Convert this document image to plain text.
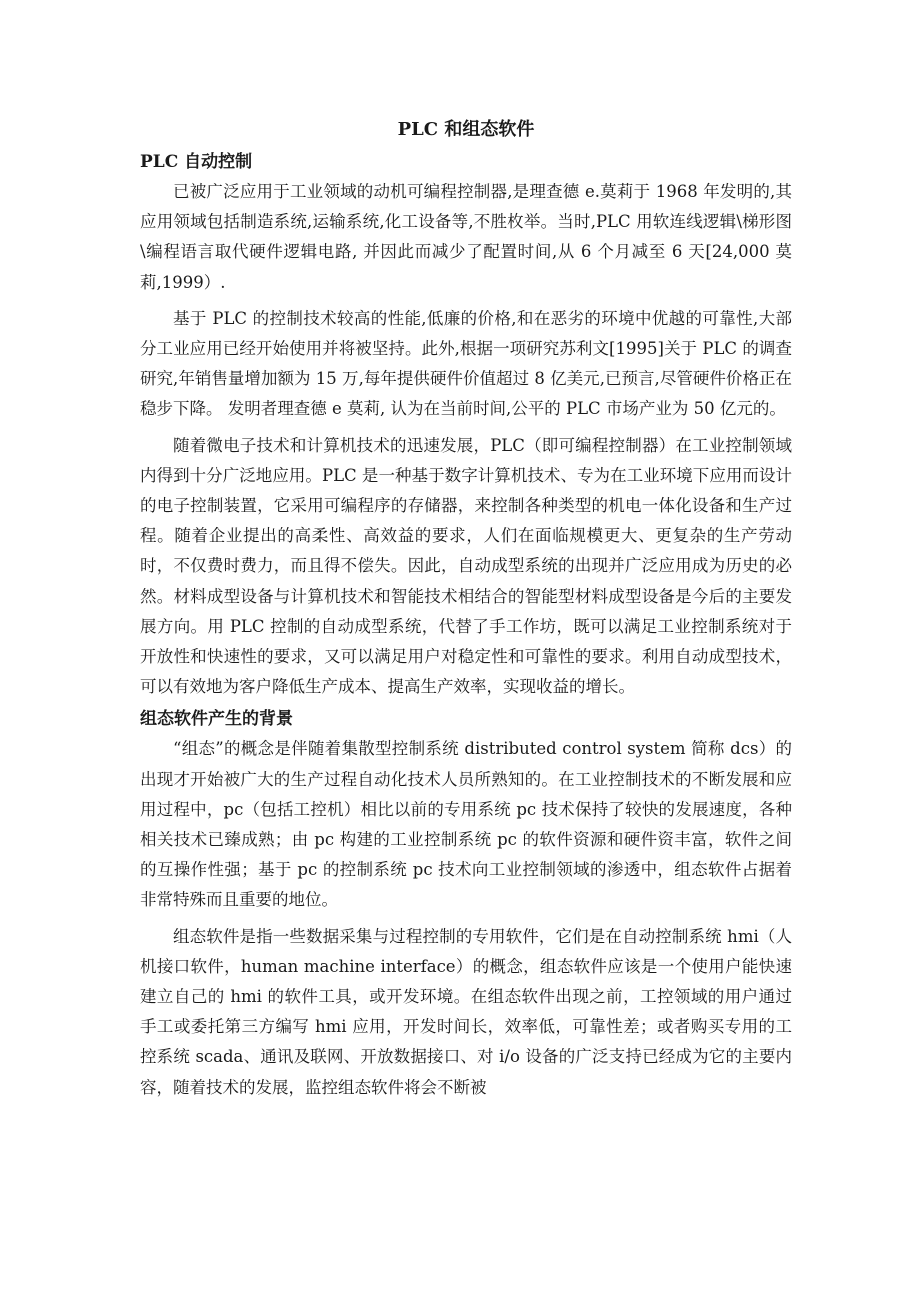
PLC 和组态软件
PLC 自动控制

已被广泛应用于工业领域的动机可编程控制器,是理查德 e.莫莉于 1968 年发明的,其应用领域包括制造系统,运输系统,化工设备等,不胜枚举。当时,PLC 用软连线逻辑\梯形图 \编程语言取代硬件逻辑电路, 并因此而减少了配置时间,从 6 个月减至 6 天[24,000 莫莉,1999）.

基于 PLC 的控制技术较高的性能,低廉的价格,和在恶劣的环境中优越的可靠性,大部分工业应用已经开始使用并将被坚持。此外,根据一项研究苏利文[1995]关于 PLC 的调查研究,年销售量增加额为 15 万,每年提供硬件价值超过 8 亿美元,已预言,尽管硬件价格正在稳步下降。 发明者理查德 e 莫莉, 认为在当前时间,公平的 PLC 市场产业为 50 亿元的。

随着微电子技术和计算机技术的迅速发展，PLC（即可编程控制器）在工业控制领域内得到十分广泛地应用。PLC 是一种基于数字计算机技术、专为在工业环境下应用而设计的电子控制装置，它采用可编程序的存储器，来控制各种类型的机电一体化设备和生产过程。随着企业提出的高柔性、高效益的要求，人们在面临规模更大、更复杂的生产劳动时，不仅费时费力，而且得不偿失。因此，自动成型系统的出现并广泛应用成为历史的必然。材料成型设备与计算机技术和智能技术相结合的智能型材料成型设备是今后的主要发展方向。用 PLC 控制的自动成型系统，代替了手工作坊，既可以满足工业控制系统对于开放性和快速性的要求，又可以满足用户对稳定性和可靠性的要求。利用自动成型技术，可以有效地为客户降低生产成本、提高生产效率，实现收益的增长。

组态软件产生的背景

“组态”的概念是伴随着集散型控制系统 distributed control system 简称 dcs）的出现才开始被广大的生产过程自动化技术人员所熟知的。在工业控制技术的不断发展和应用过程中，pc（包括工控机）相比以前的专用系统 pc 技术保持了较快的发展速度，各种相关技术已臻成熟；由 pc 构建的工业控制系统 pc 的软件资源和硬件资丰富，软件之间的互操作性强；基于 pc 的控制系统 pc 技术向工业控制领域的渗透中，组态软件占据着非常特殊而且重要的地位。

组态软件是指一些数据采集与过程控制的专用软件，它们是在自动控制系统 hmi（人机接口软件，human machine interface）的概念，组态软件应该是一个使用户能快速建立自己的 hmi 的软件工具，或开发环境。在组态软件出现之前，工控领域的用户通过手工或委托第三方编写 hmi 应用，开发时间长，效率低，可靠性差；或者购买专用的工控系统 scada、通讯及联网、开放数据接口、对 i/o 设备的广泛支持已经成为它的主要内容，随着技术的发展，监控组态软件将会不断被
